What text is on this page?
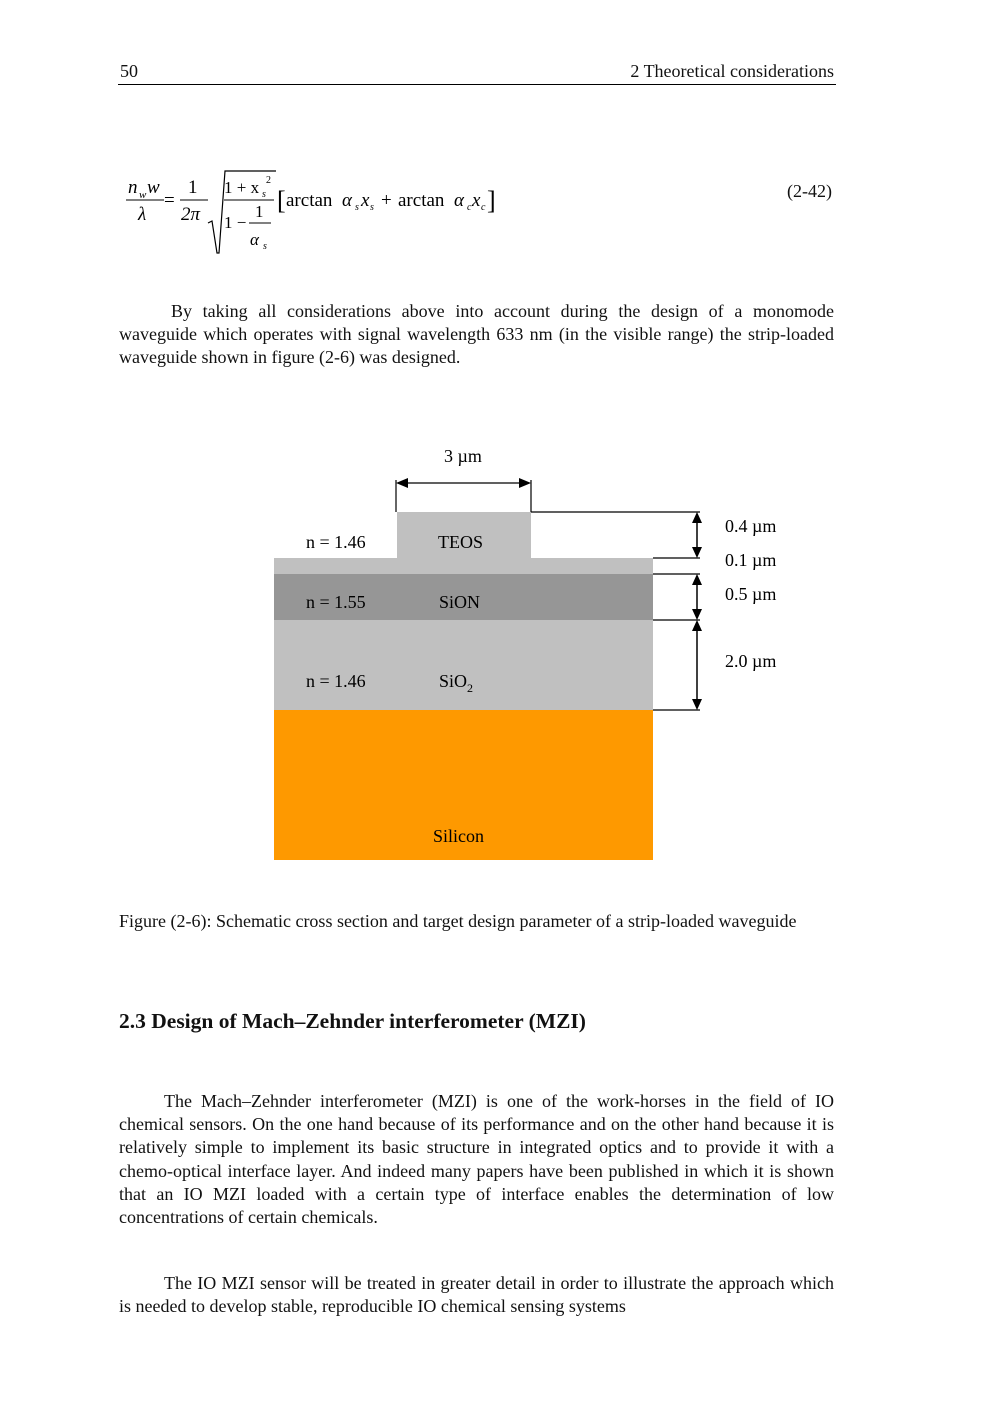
50	2 Theoretical considerations
n w w
λ
=
1
2π
1 + x s
2
1 −
1
α s
[ arctan α s x s + arctan α c x c ]	(2-42)

By taking all considerations above into account during the design of a monomode waveguide which operates with signal wavelength 633 nm (in the visible range) the strip-loaded waveguide shown in figure (2-6) was designed.

3 µm
0.4 µm
0.1 µm
0.5 µm
2.0 µm
n = 1.46	TEOS
n = 1.55	SiON
n = 1.46	SiO$_2$
Silicon
Figure (2-6): Schematic cross section and target design parameter of a strip-loaded waveguide
2.3 Design of Mach–Zehnder interferometer (MZI)

The Mach–Zehnder interferometer (MZI) is one of the work-horses in the field of IO chemical sensors. On the one hand because of its performance and on the other hand because it is relatively simple to implement its basic structure in integrated optics and to provide it with a chemo-optical interface layer. And indeed many papers have been published in which it is shown that an IO MZI loaded with a certain type of interface enables the determination of low concentrations of certain chemicals.

The IO MZI sensor will be treated in greater detail in order to illustrate the approach which is needed to develop stable, reproducible IO chemical sensing systems
